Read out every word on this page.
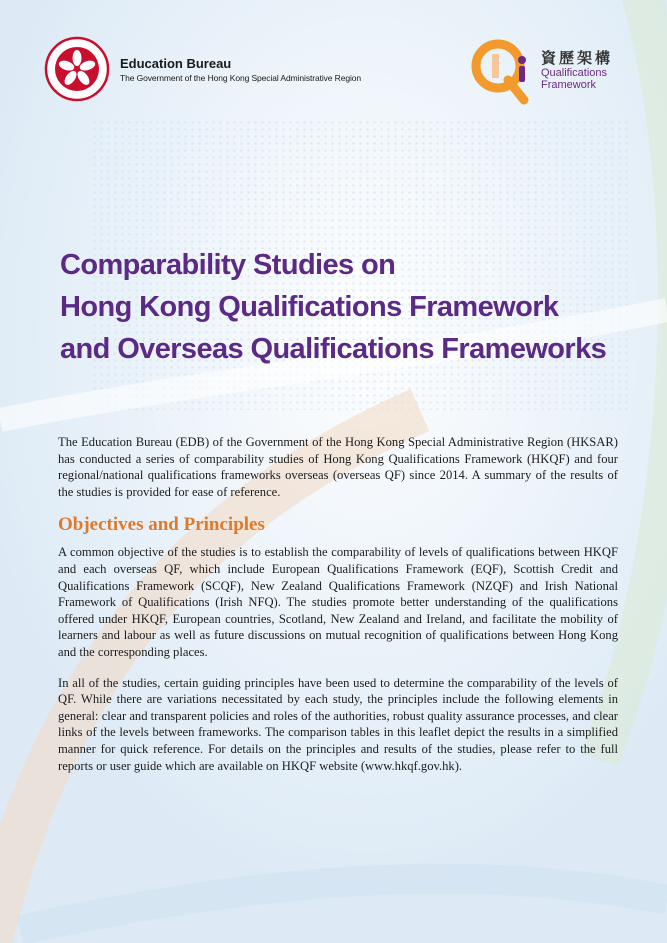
Education Bureau
The Government of the Hong Kong Special Administrative Region
資歷架構
Qualifications
Framework
Comparability Studies on
Hong Kong Qualifications Framework
and Overseas Qualifications Frameworks

The Education Bureau (EDB) of the Government of the Hong Kong Special Administrative Region (HKSAR) has conducted a series of comparability studies of Hong Kong Qualifications Framework (HKQF) and four regional/national qualifications frameworks overseas (overseas QF) since 2014. A summary of the results of the studies is provided for ease of reference.

Objectives and Principles

A common objective of the studies is to establish the comparability of levels of qualifications between HKQF and each overseas QF, which include European Qualifications Framework (EQF), Scottish Credit and Qualifications Framework (SCQF), New Zealand Qualifications Framework (NZQF) and Irish National Framework of Qualifications (Irish NFQ). The studies promote better understanding of the qualifications offered under HKQF, European countries, Scotland, New Zealand and Ireland, and facilitate the mobility of learners and labour as well as future discussions on mutual recognition of qualifications between Hong Kong and the corresponding places.

In all of the studies, certain guiding principles have been used to determine the comparability of the levels of QF. While there are variations necessitated by each study, the principles include the following elements in general: clear and transparent policies and roles of the authorities, robust quality assurance processes, and clear links of the levels between frameworks. The comparison tables in this leaflet depict the results in a simplified manner for quick reference. For details on the principles and results of the studies, please refer to the full reports or user guide which are available on HKQF website (www.hkqf.gov.hk).
